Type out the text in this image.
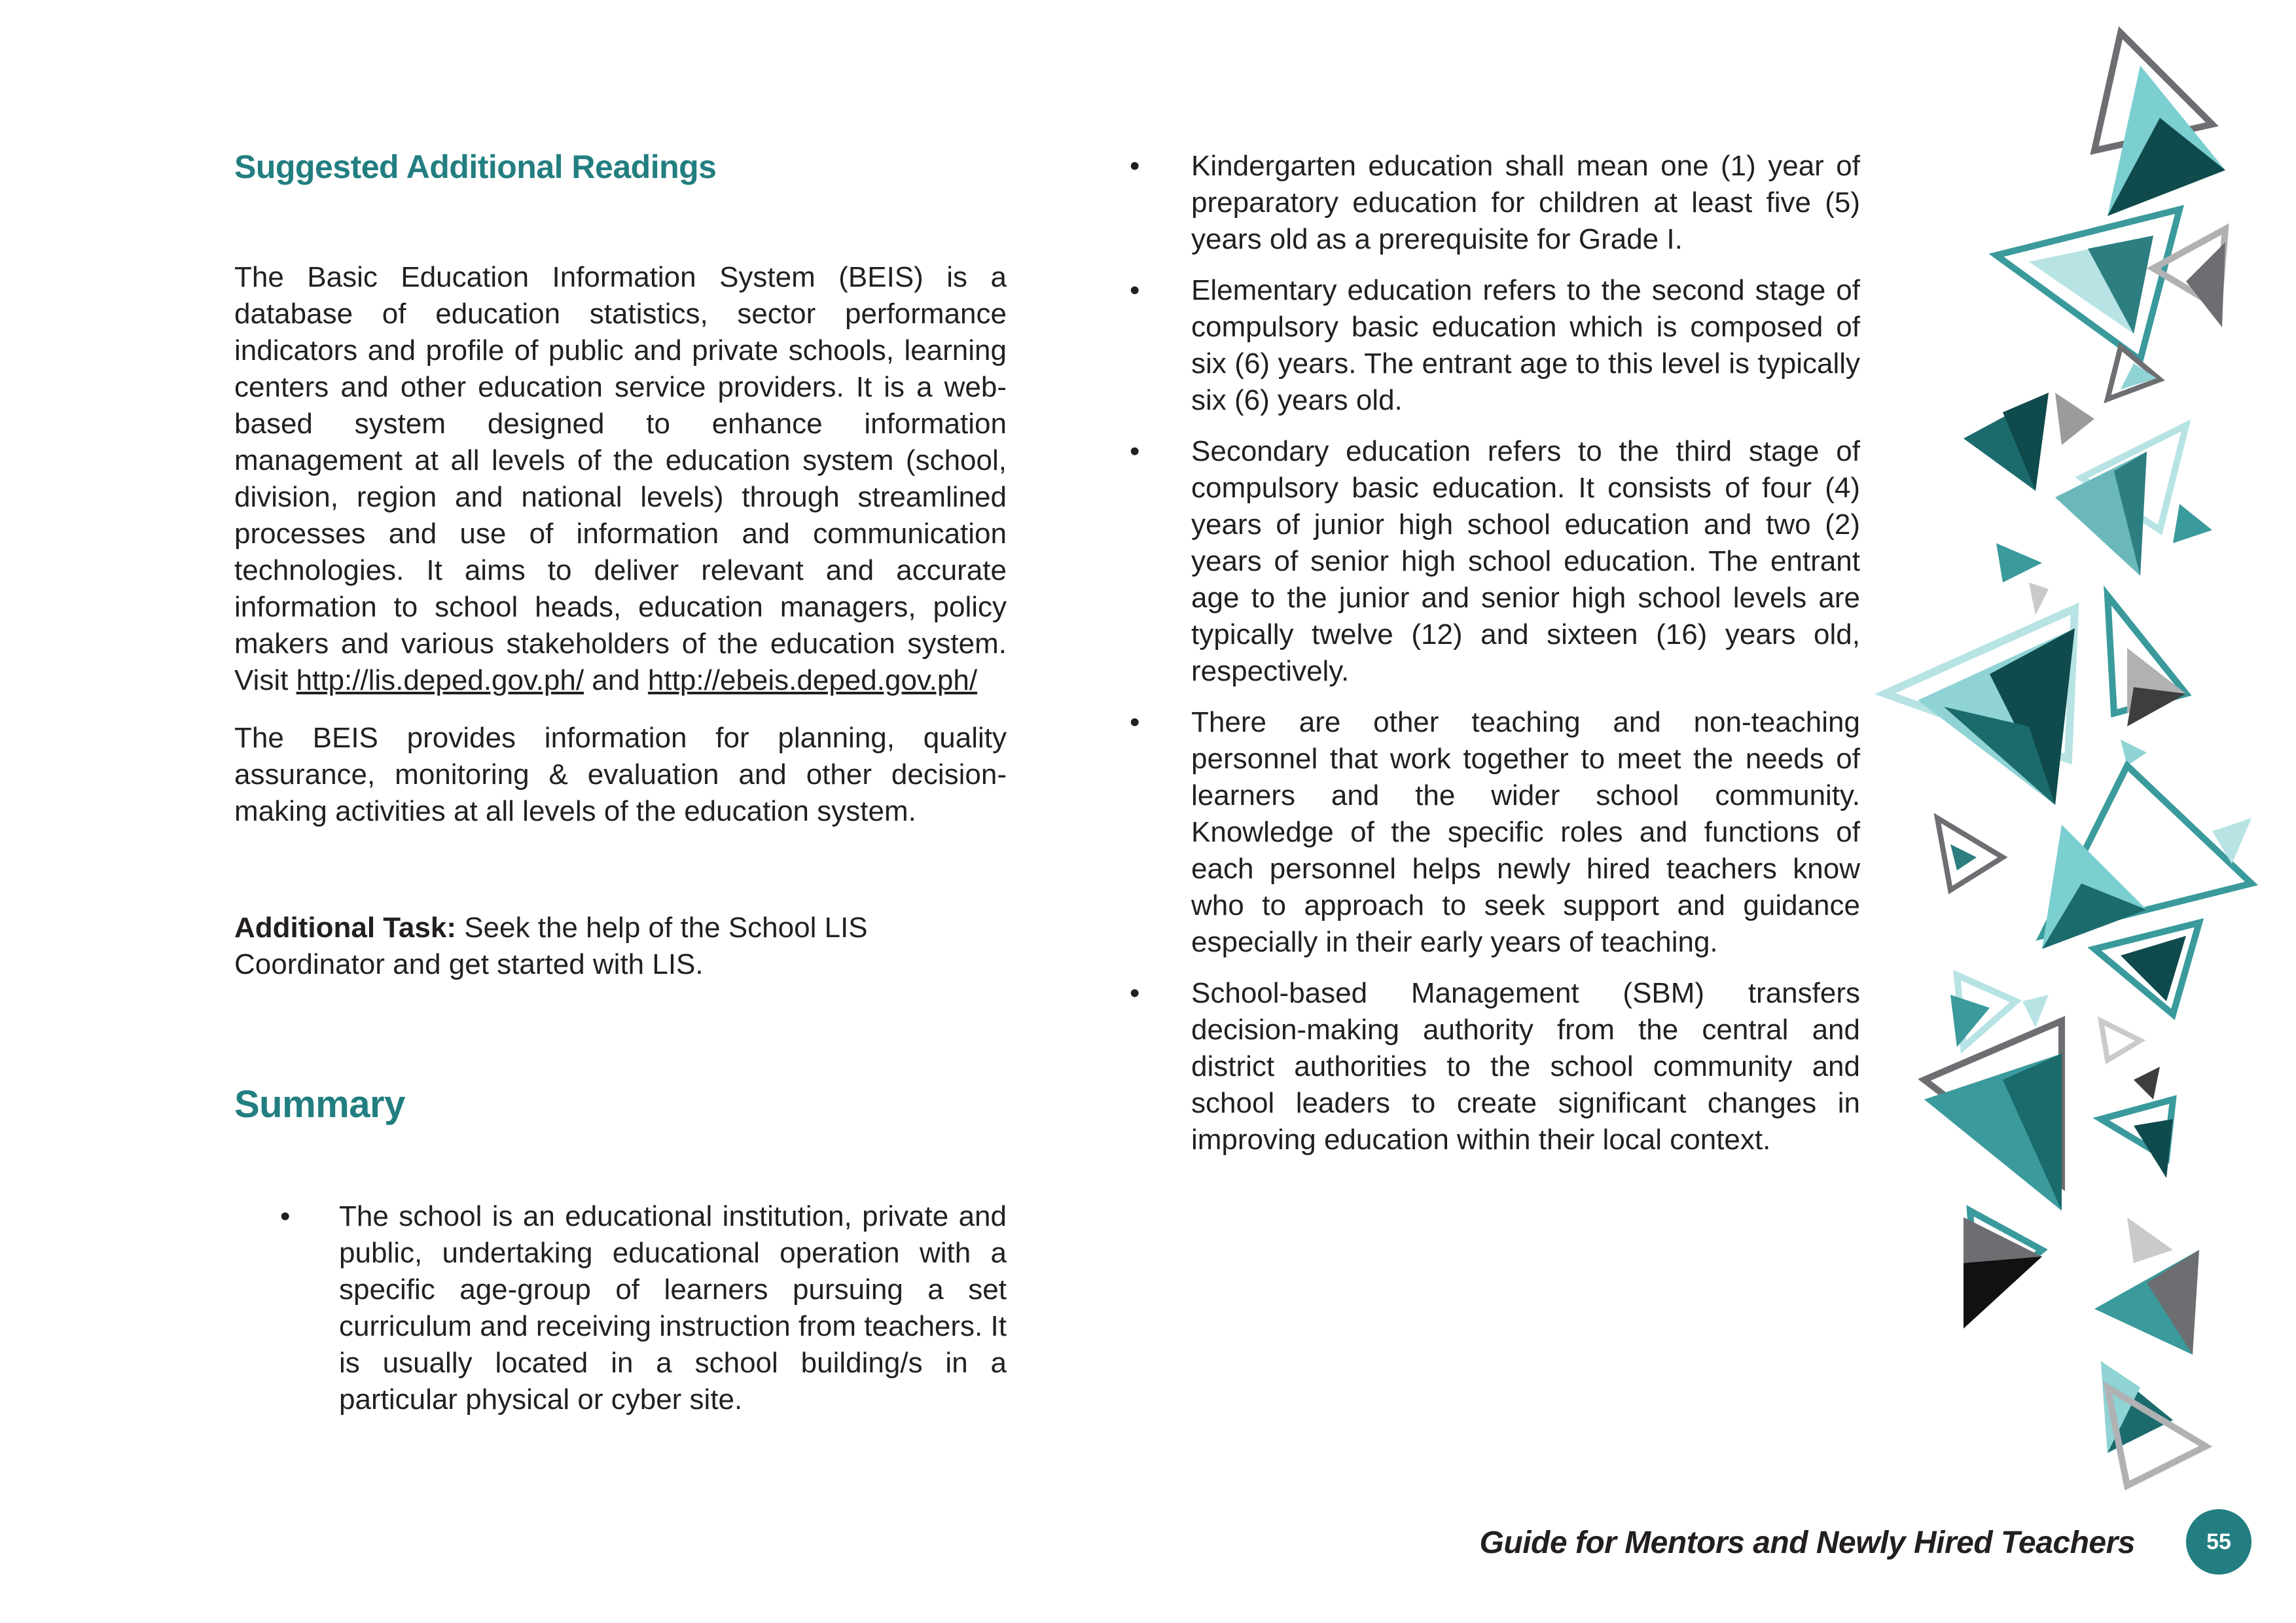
Suggested Additional Readings

The Basic Education Information System (BEIS) is a database of education statistics, sector performance indicators and profile of public and private schools, learning centers and other education service providers. It is a web-based system designed to enhance information management at all levels of the education system (school, division, region and national levels) through streamlined processes and use of information and communication technologies. It aims to deliver relevant and accurate information to school heads, education managers, policy makers and various stakeholders of the education system. Visit http://lis.deped.gov.ph/ and http://ebeis.deped.gov.ph/

The BEIS provides information for planning, quality assurance, monitoring & evaluation and other decision-making activities at all levels of the education system.

Additional Task: Seek the help of the School LIS Coordinator and get started with LIS.

Summary
• The school is an educational institution, private and public, undertaking educational operation with a specific age-group of learners pursuing a set curriculum and receiving instruction from teachers. It is usually located in a school building/s in a particular physical or cyber site.
• Kindergarten education shall mean one (1) year of preparatory education for children at least five (5) years old as a prerequisite for Grade I.
• Elementary education refers to the second stage of compulsory basic education which is composed of six (6) years. The entrant age to this level is typically six (6) years old.
• Secondary education refers to the third stage of compulsory basic education. It consists of four (4) years of junior high school education and two (2) years of senior high school education. The entrant age to the junior and senior high school levels are typically twelve (12) and sixteen (16) years old, respectively.
• There are other teaching and non-teaching personnel that work together to meet the needs of learners and the wider school community. Knowledge of the specific roles and functions of each personnel helps newly hired teachers know who to approach to seek support and guidance especially in their early years of teaching.
• School-based Management (SBM) transfers decision-making authority from the central and district authorities to the school community and school leaders to create significant changes in improving education within their local context.
Guide for Mentors and Newly Hired Teachers	55
